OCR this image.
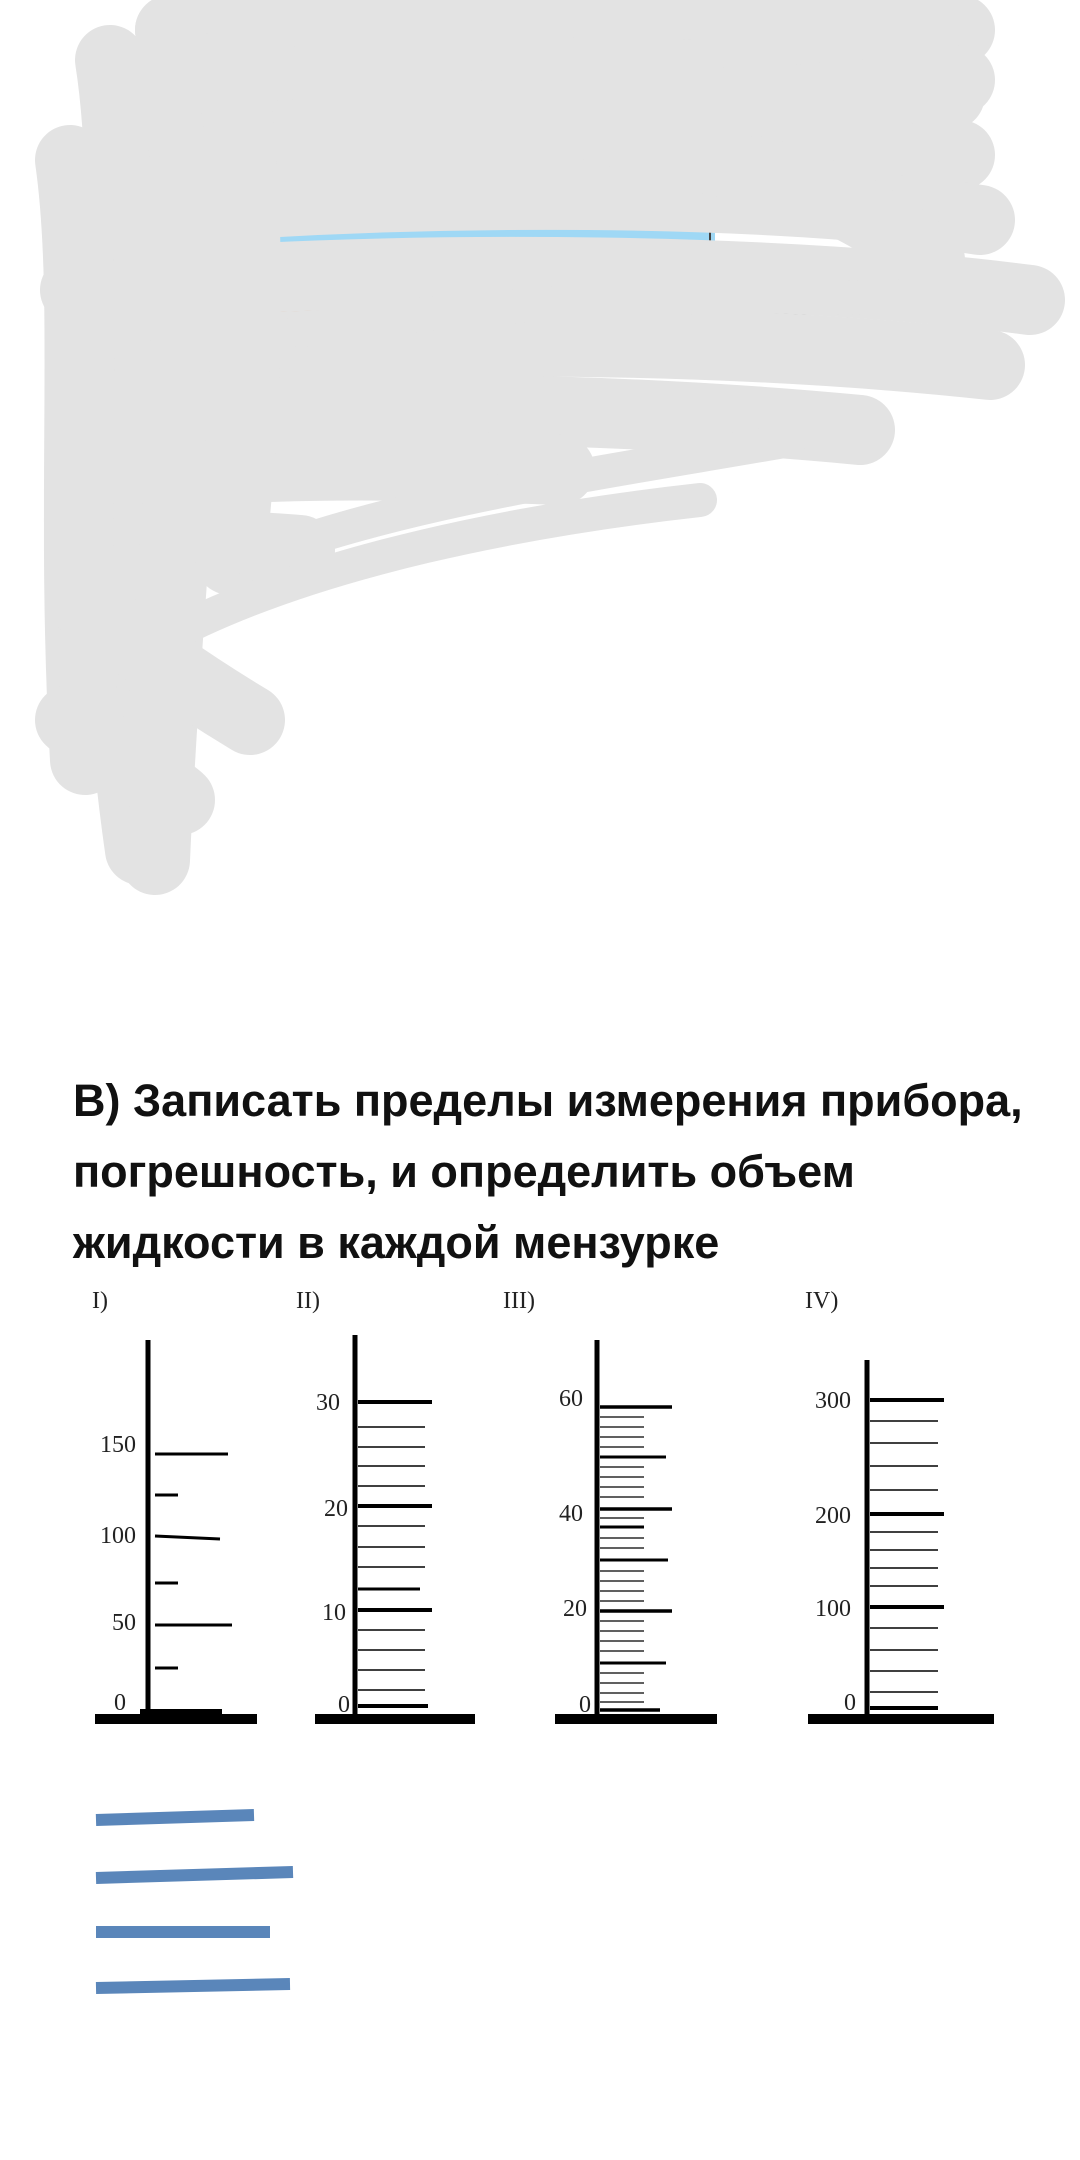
В) Записать пределы измерения прибора, погрешность, и определить объем жидкости в каждой мензурке
I)
150
100
50
0
II)
30
20
10
0
III)
60
40
20
0
IV)
300
200
100
0
